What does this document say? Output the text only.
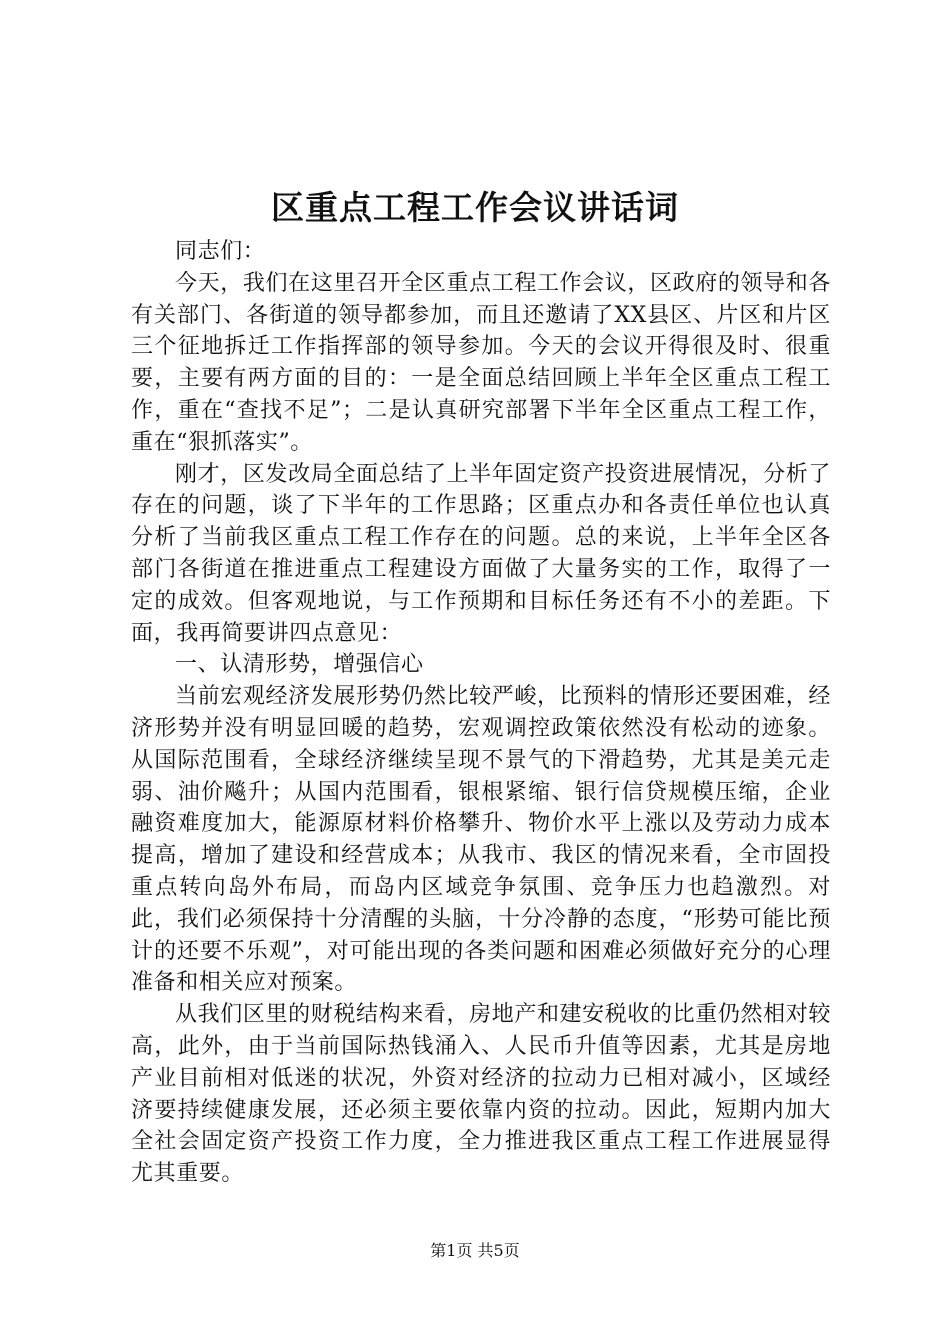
区重点工程工作会议讲话词

同志们：

今天，我们在这里召开全区重点工程工作会议，区政府的领导和各有关部门、各街道的领导都参加，而且还邀请了XX县区、片区和片区三个征地拆迁工作指挥部的领导参加。今天的会议开得很及时、很重要，主要有两方面的目的：一是全面总结回顾上半年全区重点工程工作，重在“查找不足”；二是认真研究部署下半年全区重点工程工作，重在“狠抓落实”。

刚才，区发改局全面总结了上半年固定资产投资进展情况，分析了存在的问题，谈了下半年的工作思路；区重点办和各责任单位也认真分析了当前我区重点工程工作存在的问题。总的来说，上半年全区各部门各街道在推进重点工程建设方面做了大量务实的工作，取得了一定的成效。但客观地说，与工作预期和目标任务还有不小的差距。下面，我再简要讲四点意见：

一、认清形势，增强信心

当前宏观经济发展形势仍然比较严峻，比预料的情形还要困难，经济形势并没有明显回暖的趋势，宏观调控政策依然没有松动的迹象。从国际范围看，全球经济继续呈现不景气的下滑趋势，尤其是美元走弱、油价飚升；从国内范围看，银根紧缩、银行信贷规模压缩，企业融资难度加大，能源原材料价格攀升、物价水平上涨以及劳动力成本提高，增加了建设和经营成本；从我市、我区的情况来看，全市固投重点转向岛外布局，而岛内区域竞争氛围、竞争压力也趋激烈。对此，我们必须保持十分清醒的头脑，十分冷静的态度，“形势可能比预计的还要不乐观”，对可能出现的各类问题和困难必须做好充分的心理准备和相关应对预案。

从我们区里的财税结构来看，房地产和建安税收的比重仍然相对较高，此外，由于当前国际热钱涌入、人民币升值等因素，尤其是房地产业目前相对低迷的状况，外资对经济的拉动力已相对减小，区域经济要持续健康发展，还必须主要依靠内资的拉动。因此，短期内加大全社会固定资产投资工作力度，全力推进我区重点工程工作进展显得尤其重要。

第1页 共5页
